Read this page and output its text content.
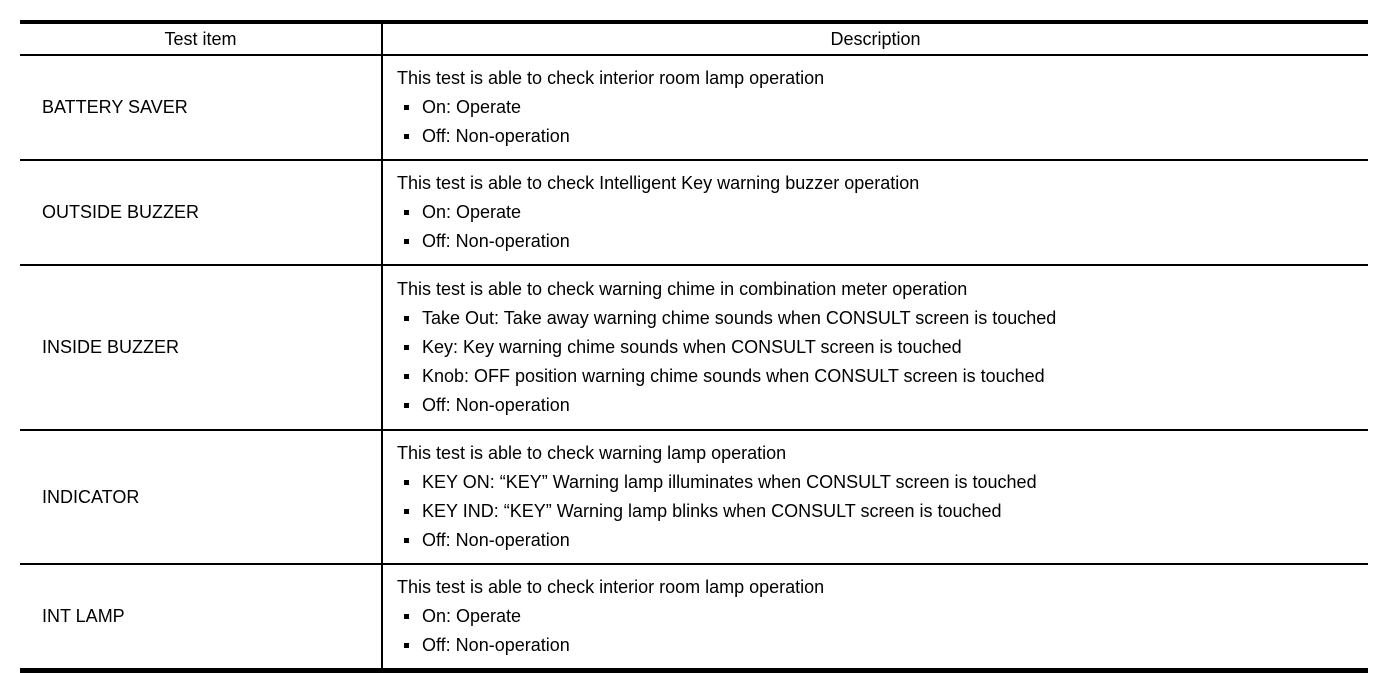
Test item	Description
BATTERY SAVER	This test is able to check interior room lamp operation
On: Operate
Off: Non-operation

OUTSIDE BUZZER	This test is able to check Intelligent Key warning buzzer operation
On: Operate
Off: Non-operation

INSIDE BUZZER	This test is able to check warning chime in combination meter operation
Take Out: Take away warning chime sounds when CONSULT screen is touched
Key: Key warning chime sounds when CONSULT screen is touched
Knob: OFF position warning chime sounds when CONSULT screen is touched
Off: Non-operation

INDICATOR	This test is able to check warning lamp operation
KEY ON: “KEY” Warning lamp illuminates when CONSULT screen is touched
KEY IND: “KEY” Warning lamp blinks when CONSULT screen is touched
Off: Non-operation

INT LAMP	This test is able to check interior room lamp operation
On: Operate
Off: Non-operation
